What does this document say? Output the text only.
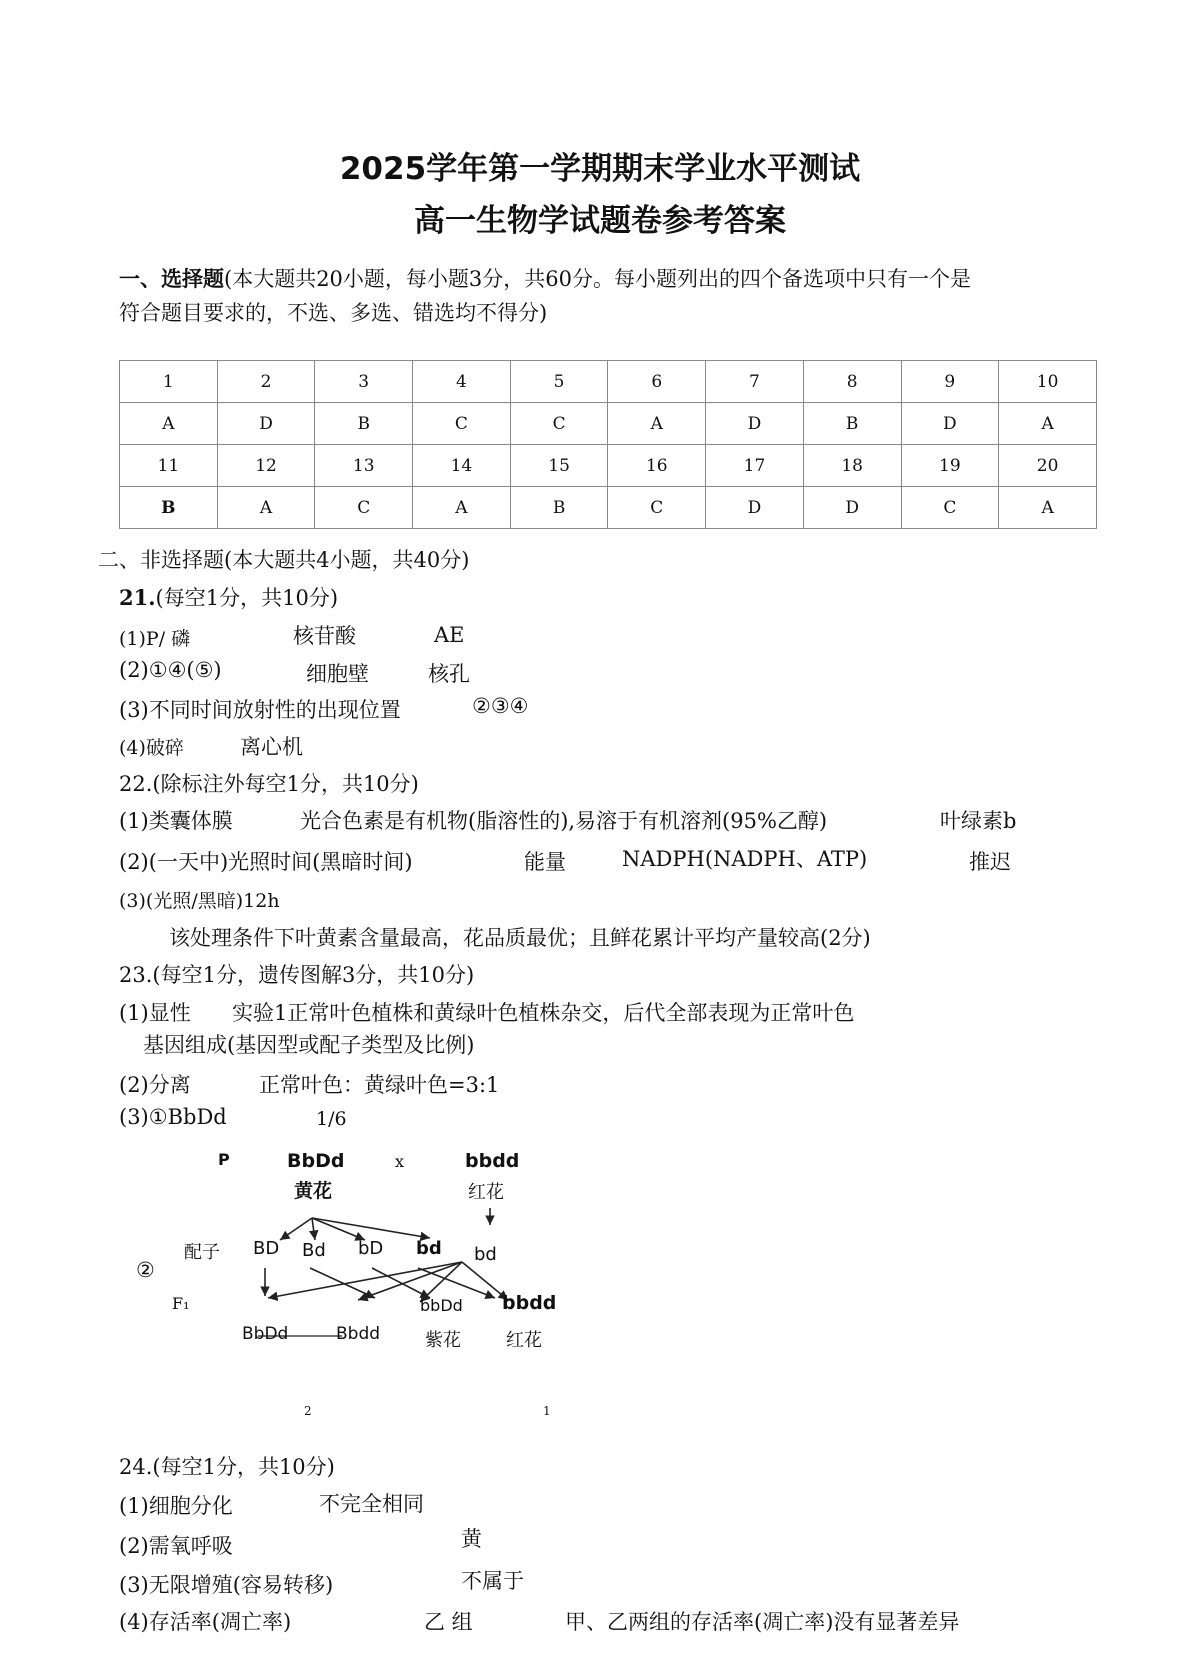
2025学年第一学期期末学业水平测试
高一生物学试题卷参考答案
一、选择题(本大题共20小题，每小题3分，共60分。每小题列出的四个备选项中只有一个是
符合题目要求的，不选、多选、错选均不得分)
1	2	3	4	5	6	7	8	9	10
A	D	B	C	C	A	D	B	D	A
11	12	13	14	15	16	17	18	19	20
B	A	C	A	B	C	D	D	C	A
二、非选择题(本大题共4小题，共40分)
21.(每空1分，共10分)
(1)P/ 磷	核苷酸	AE
(2)①④(⑤)	细胞壁	核孔
(3)不同时间放射性的出现位置	②③④
(4)破碎	离心机
22.(除标注外每空1分，共10分)
(1)类囊体膜	光合色素是有机物(脂溶性的),易溶于有机溶剂(95%乙醇)	叶绿素b
(2)(一天中)光照时间(黑暗时间)	能量	NADPH(NADPH、ATP)	推迟
(3)(光照/黑暗)12h
该处理条件下叶黄素含量最高，花品质最优；且鲜花累计平均产量较高(2分)
23.(每空1分，遗传图解3分，共10分)
(1)显性 实验1正常叶色植株和黄绿叶色植株杂交，后代全部表现为正常叶色
基因组成(基因型或配子类型及比例)
(2)分离	正常叶色：黄绿叶色=3:1
(3)①BbDd	1/6
P	BbDd
黄花
x	bbdd
红花
配子 BD Bd bD bd bd
②
F₁	bbDd bbdd
BbDd	Bbdd 紫花	红花
2	1
24.(每空1分，共10分)
(1)细胞分化	不完全相同
(2)需氧呼吸	黄
(3)无限增殖(容易转移)	不属于
(4)存活率(凋亡率)	乙 组	甲、乙两组的存活率(凋亡率)没有显著差异
